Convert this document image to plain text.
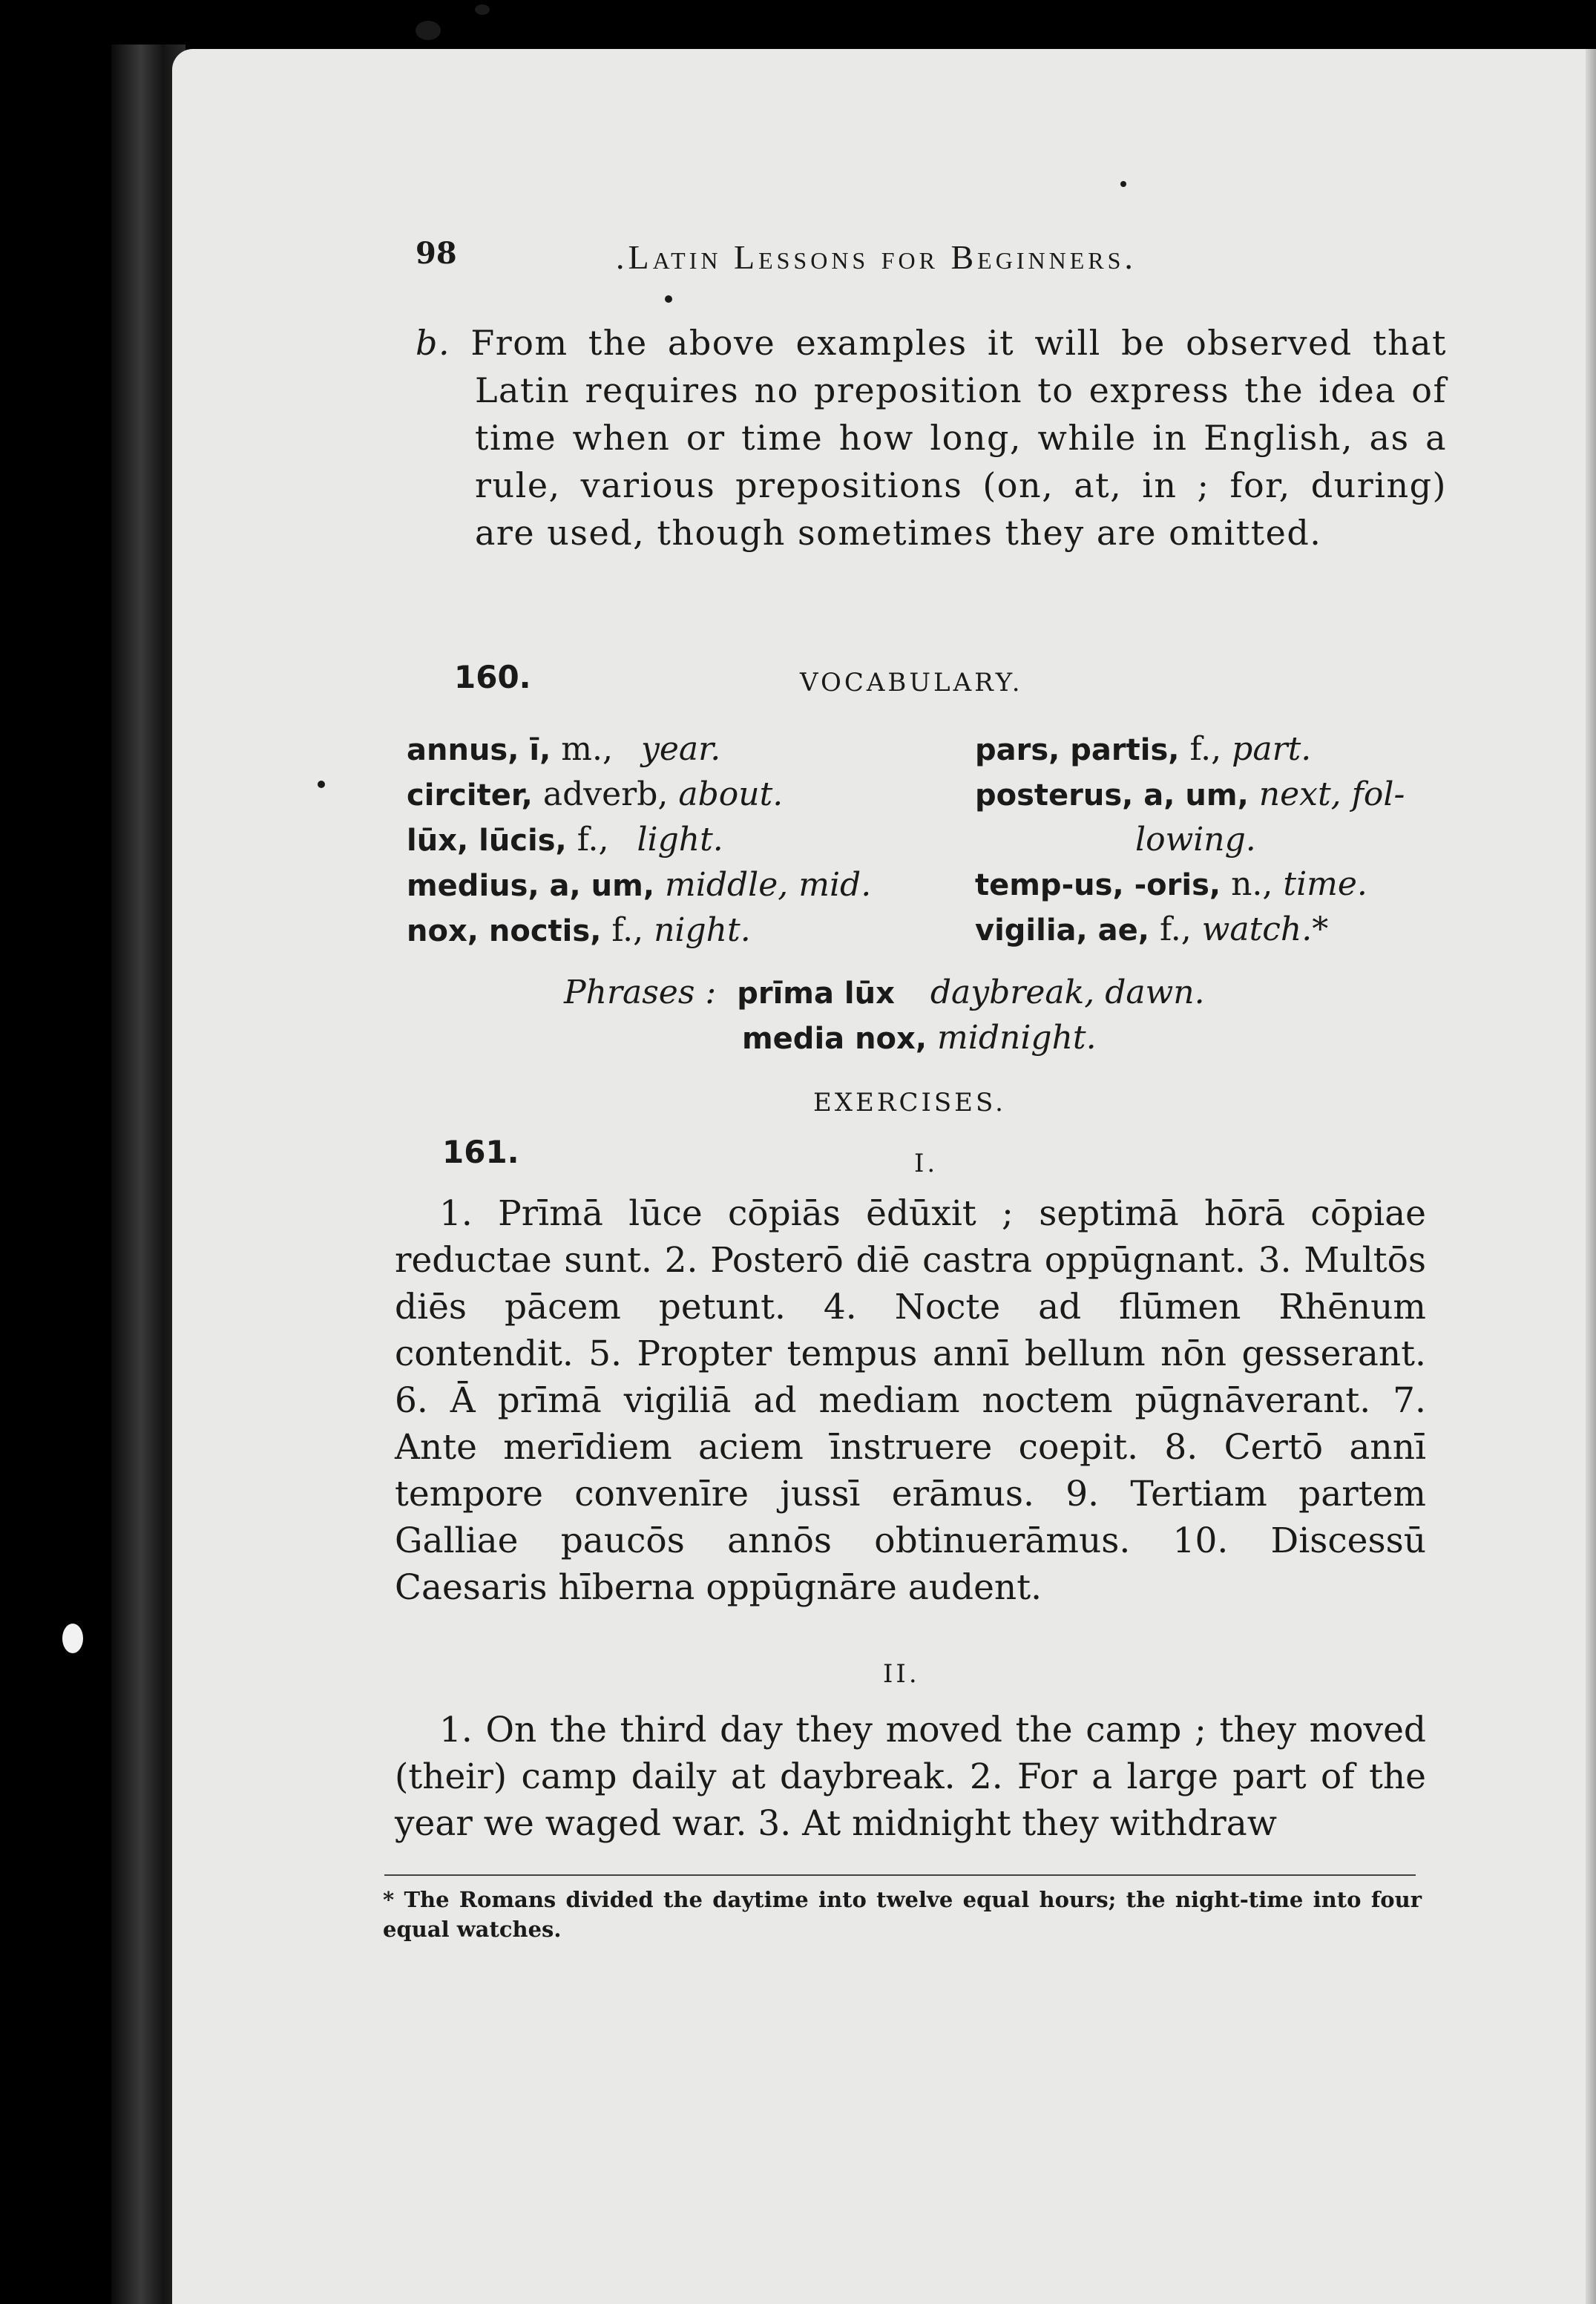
98	.Latin Lessons for Beginners.
b. From the above examples it will be observed that Latin requires no preposition to express the idea of time when or time how long, while in English, as a rule, various prepositions (on, at, in ; for, during) are used, though sometimes they are omitted.
160.	VOCABULARY.
annus, ī, m., year.
circiter, adverb, about.
lūx, lūcis, f., light.
medius, a, um, middle, mid.
nox, noctis, f., night.
pars, partis, f., part.
posterus, a, um, next, fol-
lowing.
temp-us, -oris, n., time.
vigilia, ae, f., watch.*
Phrases : prīma lūx daybreak, dawn.
media nox, midnight.
EXERCISES.
161.	I.

1. Prīmā lūce cōpiās ēdūxit ; septimā hōrā cōpiae reductae sunt. 2. Posterō diē castra oppūgnant. 3. Multōs diēs pācem petunt. 4. Nocte ad flūmen Rhēnum contendit. 5. Propter tempus annī bellum nōn gesserant. 6. Ā prīmā vigiliā ad mediam noctem pūgnāverant. 7. Ante merīdiem aciem īnstruere coepit. 8. Certō annī tempore convenīre jussī erāmus. 9. Tertiam partem Galliae paucōs annōs obtinuerāmus. 10. Discessū Caesaris hīberna oppūgnāre audent.

II.

1. On the third day they moved the camp ; they moved (their) camp daily at daybreak. 2. For a large part of the year we waged war. 3. At midnight they withdraw

* The Romans divided the daytime into twelve equal hours; the night-time into four equal watches.
